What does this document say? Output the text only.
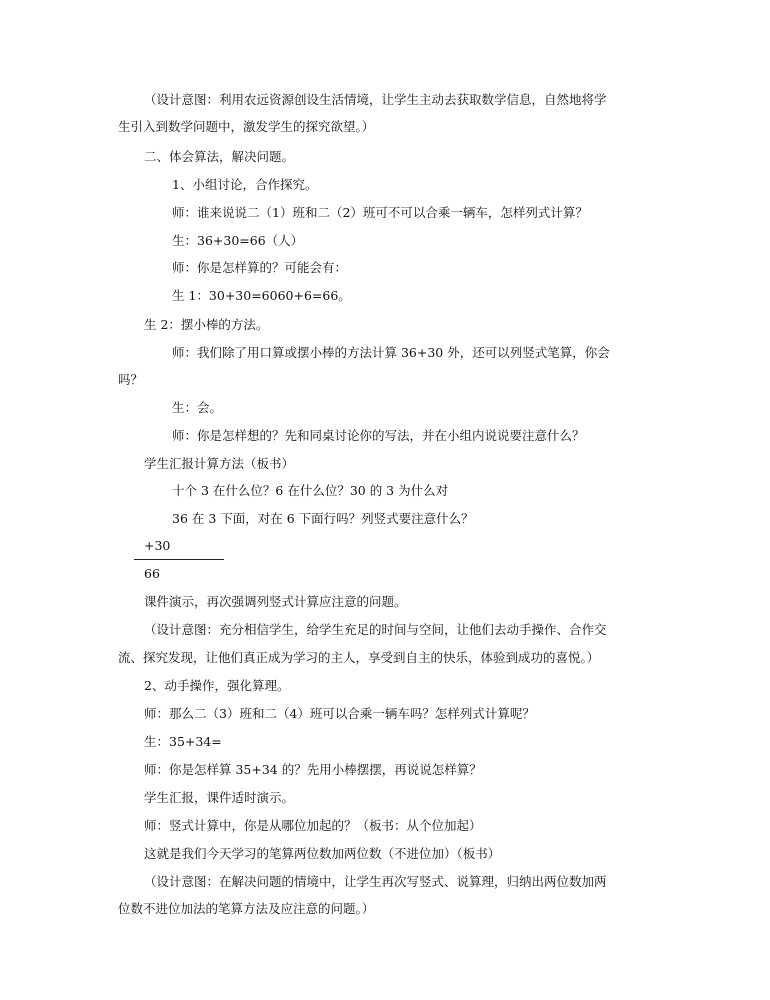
（设计意图：利用农远资源创设生活情境，让学生主动去获取数学信息，自然地将学
生引入到数学问题中，激发学生的探究欲望。）
二、体会算法，解决问题。
1、小组讨论，合作探究。
师：谁来说说二（1）班和二（2）班可不可以合乘一辆车，怎样列式计算？
生：36+30=66（人）
师：你是怎样算的？可能会有：
生 1：30+30=6060+6=66。
生 2：摆小棒的方法。
师：我们除了用口算或摆小棒的方法计算 36+30 外，还可以列竖式笔算，你会
吗？
生：会。
师：你是怎样想的？先和同桌讨论你的写法，并在小组内说说要注意什么？
学生汇报计算方法（板书）
十个 3 在什么位？6 在什么位？30 的 3 为什么对
36 在 3 下面，对在 6 下面行吗？列竖式要注意什么？
+30
66
课件演示，再次强调列竖式计算应注意的问题。
（设计意图：充分相信学生，给学生充足的时间与空间，让他们去动手操作、合作交
流、探究发现，让他们真正成为学习的主人，享受到自主的快乐，体验到成功的喜悦。）
2、动手操作，强化算理。
师：那么二（3）班和二（4）班可以合乘一辆车吗？怎样列式计算呢？
生：35+34=
师：你是怎样算 35+34 的？先用小棒摆摆，再说说怎样算？
学生汇报，课件适时演示。
师：竖式计算中，你是从哪位加起的？（板书：从个位加起）
这就是我们今天学习的笔算两位数加两位数（不进位加）（板书）
（设计意图：在解决问题的情境中，让学生再次写竖式、说算理，归纳出两位数加两
位数不进位加法的笔算方法及应注意的问题。）
